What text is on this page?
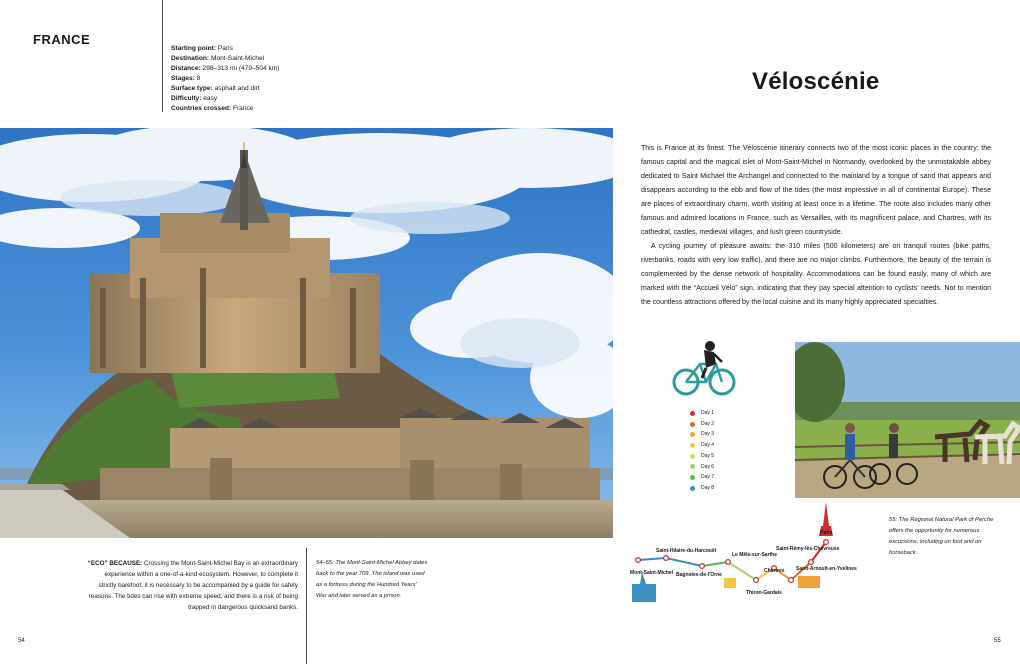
FRANCE
Starting point: Paris
Destination: Mont-Saint-Michel
Distance: 298–313 mi (479–504 km)
Stages: 8
Surface type: asphalt and dirt
Difficulty: easy
Countries crossed: France
Véloscénie

This is France at its finest. The Véloscénie itinerary connects two of the most iconic places in the country: the famous capital and the magical islet of Mont-Saint-Michel in Normandy, overlooked by the unmistakable abbey dedicated to Saint Michael the Archangel and connected to the mainland by a tongue of sand that appears and disappears according to the ebb and flow of the tides (the most impressive in all of continental Europe). These are places of extraordinary charm, worth visiting at least once in a lifetime. The route also includes many other famous and admired locations in France, such as Versailles, with its magnificent palace, and Chartres, with its cathedral, castles, medieval villages, and lush green countryside.

A cycling journey of pleasure awaits: the 310 miles (500 kilometers) are on tranquil routes (bike paths, riverbanks, roads with very low traffic), and there are no major climbs. Furthermore, the beauty of the terrain is complemented by the dense network of hospitality. Accommodations can be found easily, many of which are marked with the “Accueil Vélo” sign, indicating that they pay special attention to cyclists’ needs. Not to mention the countless attractions offered by the local cuisine and its many highly appreciated specialties.

Day 1
Day 2
Day 3
Day 4
Day 5
Day 6
Day 7
Day 8
55: The Regional Natural Park of Perche offers the opportunity for numerous excursions, including on foot and on horseback.
Paris
Saint-Rémy-lès-Chevreuse
Saint-Arnoult-en-Yvelines
Chartres
Thiron-Gardais
Le Mêle-sur-Sarthe
Bagnoles-de-l'Orne
Saint-Hilaire-du-Harcouët
Mont-Saint-Michel
“ECO” BECAUSE: Crossing the Mont-Saint-Michel Bay is an extraordinary experience within a one-of-a-kind ecosystem. However, to complete it strictly barefoot, it is necessary to be accompanied by a guide for safety reasons. The tides can rise with extreme speed, and there is a risk of being trapped in dangerous quicksand banks.
54–55: The Mont-Saint-Michel Abbey dates back to the year 709. The island was used as a fortress during the Hundred Years' War and later served as a prison.
54	55
